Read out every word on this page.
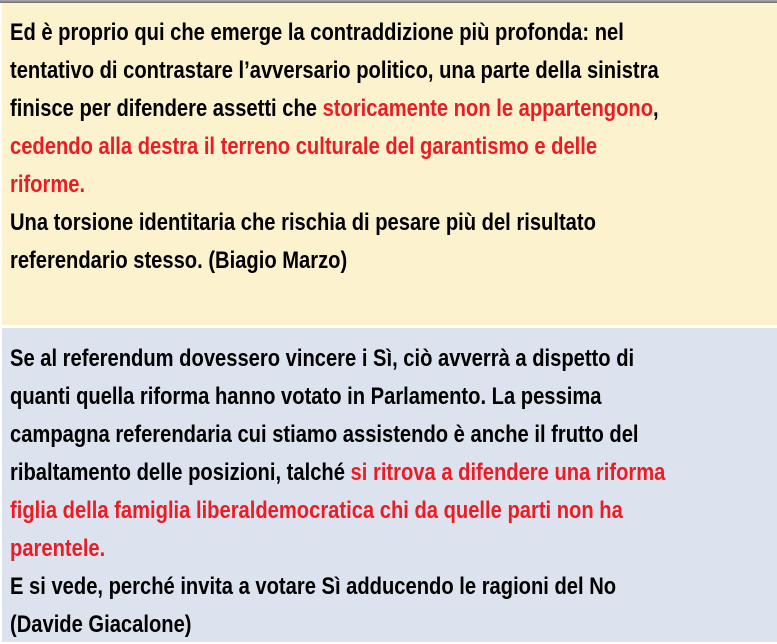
Ed è proprio qui che emerge la contraddizione più profonda: nel
tentativo di contrastare l’avversario politico, una parte della sinistra
finisce per difendere assetti che storicamente non le appartengono,
cedendo alla destra il terreno culturale del garantismo e delle
riforme.
Una torsione identitaria che rischia di pesare più del risultato
referendario stesso. (Biagio Marzo)
Se al referendum dovessero vincere i Sì, ciò avverrà a dispetto di
quanti quella riforma hanno votato in Parlamento. La pessima
campagna referendaria cui stiamo assistendo è anche il frutto del
ribaltamento delle posizioni, talché si ritrova a difendere una riforma
figlia della famiglia liberaldemocratica chi da quelle parti non ha
parentele.
E si vede, perché invita a votare Sì adducendo le ragioni del No
(Davide Giacalone)
